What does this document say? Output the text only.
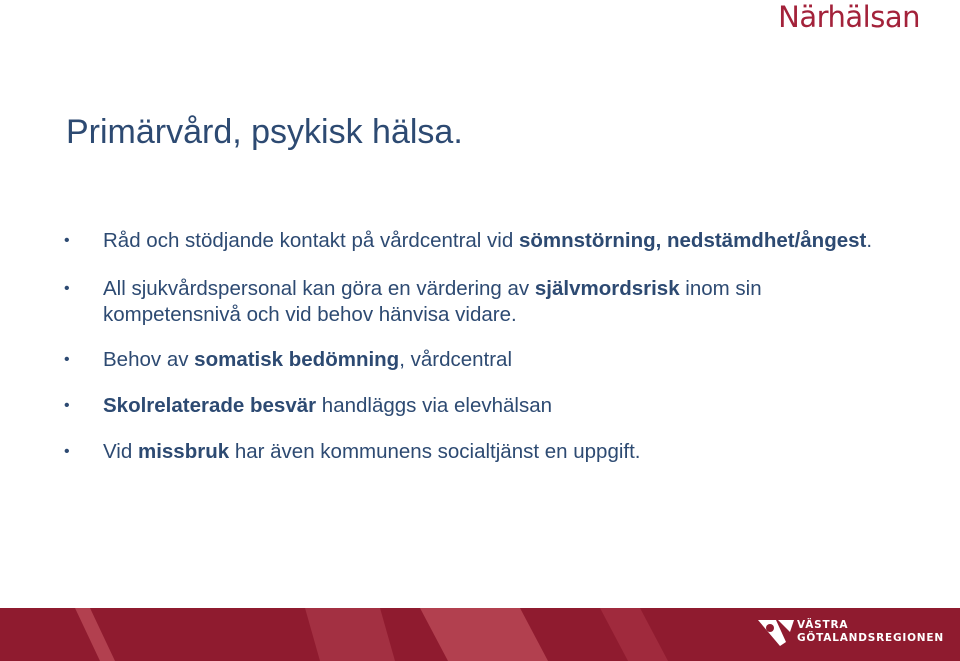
Närhälsan
Primärvård, psykisk hälsa.
• Råd och stödjande kontakt på vårdcentral vid sömnstörning, nedstämdhet/ångest.
• All sjukvårdspersonal kan göra en värdering av självmordsrisk inom sin kompetensnivå och vid behov hänvisa vidare.
• Behov av somatisk bedömning, vårdcentral
• Skolrelaterade besvär handläggs via elevhälsan
• Vid missbruk har även kommunens socialtjänst en uppgift.
VÄSTRA
GÖTALANDSREGIONEN
